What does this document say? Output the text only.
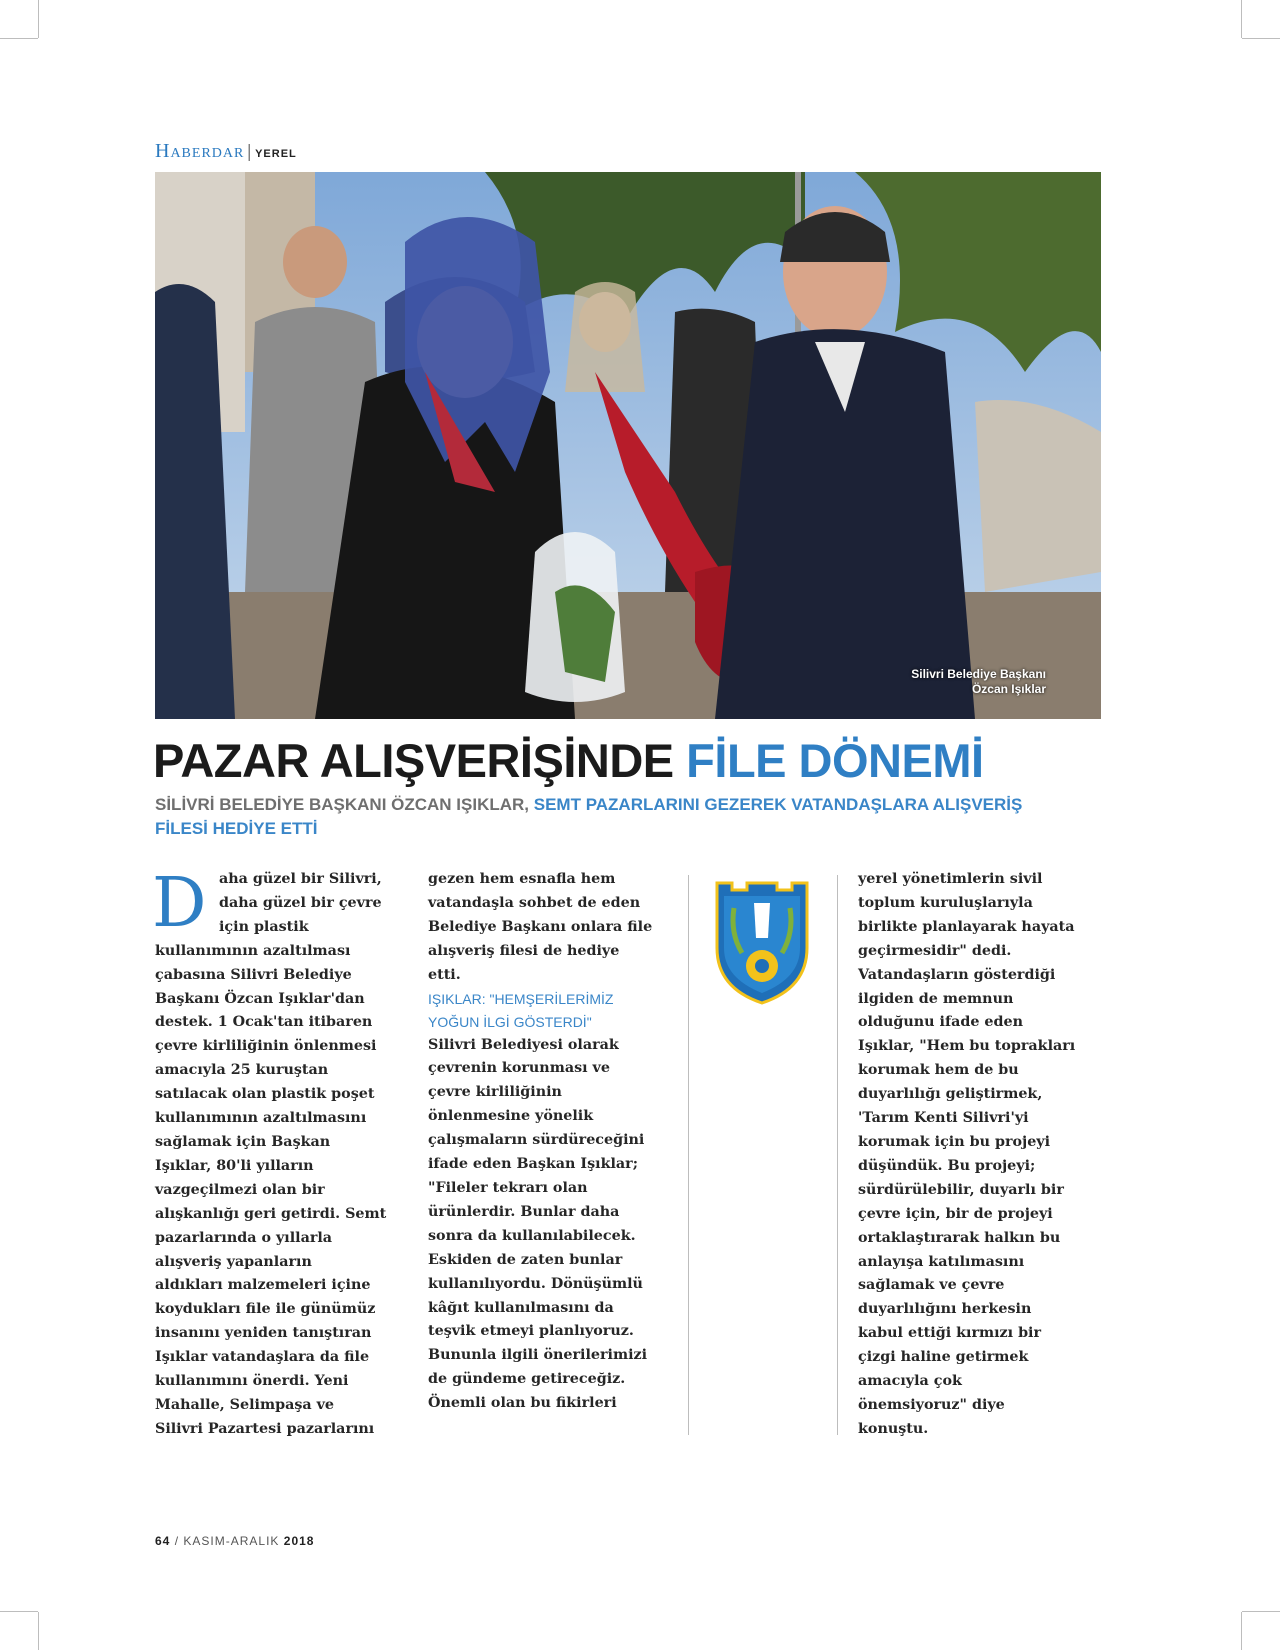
Haberdar | YEREL
Silivri Belediye Başkanı
Özcan Işıklar
PAZAR ALIŞVERİŞİNDE FİLE DÖNEMİ

SİLİVRİ BELEDİYE BAŞKANI ÖZCAN IŞIKLAR, SEMT PAZARLARINI GEZEREK VATANDAŞLARA ALIŞVERİŞ FİLESİ HEDİYE ETTİ

D aha güzel bir Silivri,
daha güzel bir çevre
için plastik

kullanımının azaltılması
çabasına Silivri Belediye
Başkanı Özcan Işıklar'dan
destek. 1 Ocak'tan itibaren
çevre kirliliğinin önlenmesi
amacıyla 25 kuruştan
satılacak olan plastik poşet
kullanımının azaltılmasını
sağlamak için Başkan
Işıklar, 80'li yılların
vazgeçilmezi olan bir
alışkanlığı geri getirdi. Semt
pazarlarında o yıllarla
alışveriş yapanların
aldıkları malzemeleri içine
koydukları file ile günümüz
insanını yeniden tanıştıran
Işıklar vatandaşlara da file
kullanımını önerdi. Yeni
Mahalle, Selimpaşa ve
Silivri Pazartesi pazarlarını

gezen hem esnafla hem
vatandaşla sohbet de eden
Belediye Başkanı onlara file
alışveriş filesi de hediye
etti.

IŞIKLAR: "HEMŞERİLERİMİZ
YOĞUN İLGİ GÖSTERDİ"

Silivri Belediyesi olarak
çevrenin korunması ve
çevre kirliliğinin
önlenmesine yönelik
çalışmaların sürdüreceğini
ifade eden Başkan Işıklar;
"Fileler tekrarı olan
ürünlerdir. Bunlar daha
sonra da kullanılabilecek.
Eskiden de zaten bunlar
kullanılıyordu. Dönüşümlü
kâğıt kullanılmasını da
teşvik etmeyi planlıyoruz.
Bununla ilgili önerilerimizi
de gündeme getireceğiz.
Önemli olan bu fikirleri

yerel yönetimlerin sivil
toplum kuruluşlarıyla
birlikte planlayarak hayata
geçirmesidir" dedi.
Vatandaşların gösterdiği
ilgiden de memnun
olduğunu ifade eden
Işıklar, "Hem bu toprakları
korumak hem de bu
duyarlılığı geliştirmek,
'Tarım Kenti Silivri'yi
korumak için bu projeyi
düşündük. Bu projeyi;
sürdürülebilir, duyarlı bir
çevre için, bir de projeyi
ortaklaştırarak halkın bu
anlayışa katılımasını
sağlamak ve çevre
duyarlılığını herkesin
kabul ettiği kırmızı bir
çizgi haline getirmek
amacıyla çok
önemsiyoruz" diye
konuştu.

64 / KASIM-ARALIK 2018
